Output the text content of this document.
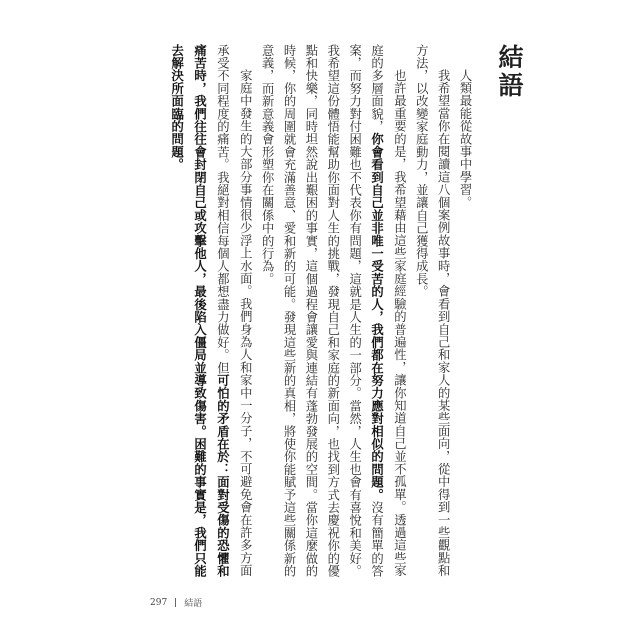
結語

人類最能從故事中學習。

我希望當你在閱讀這八個案例故事時，會看到自己和家人的某些面向，從中得到一些觀點和方法，以改變家庭動力，並讓自己獲得成長。

也許最重要的是，我希望藉由這些家庭經驗的普遍性，讓你知道自己並不孤單。透過這些家庭的多層面貌，你會看到自己並非唯一受苦的人，我們都在努力應對相似的問題。沒有簡單的答案，而努力對付困難也不代表你有問題，這就是人生的一部分。當然，人生也會有喜悅和美好。我希望這份體悟能幫助你面對人生的挑戰，發現自己和家庭的新面向，也找到方式去慶祝你的優點和快樂，同時坦然說出艱困的事實，這個過程會讓愛與連結有蓬勃發展的空間。當你這麼做的時候，你的周圍就會充滿善意、愛和新的可能。發現這些新的真相，將使你能賦予這些關係新的意義，而新意義會形塑你在關係中的行為。

家庭中發生的大部分事情很少浮上水面。我們身為人和家中一分子，不可避免會在許多方面承受不同程度的痛苦。我絕對相信每個人都想盡力做好。但可怕的矛盾在於：面對受傷的恐懼和痛苦時，我們往往會封閉自己或攻擊他人，最後陷入僵局並導致傷害。困難的事實是，我們只能去解決所面臨的問題。

297 結語
